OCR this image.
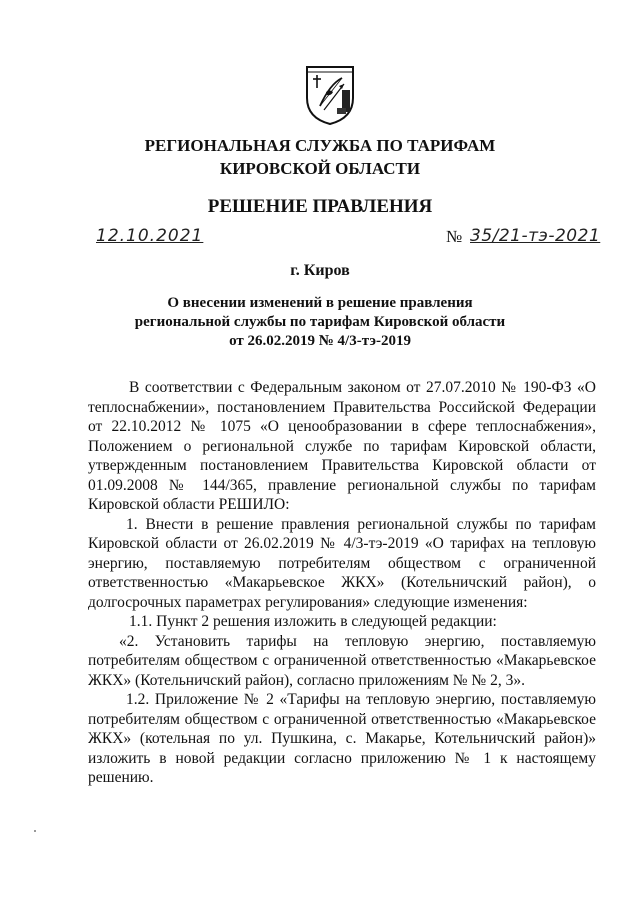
РЕГИОНАЛЬНАЯ СЛУЖБА ПО ТАРИФАМ
КИРОВСКОЙ ОБЛАСТИ
РЕШЕНИЕ ПРАВЛЕНИЯ
12.10.2021	№ 35/21-тэ-2021
г. Киров
О внесении изменений в решение правления
региональной службы по тарифам Кировской области
от 26.02.2019 № 4/3-тэ-2019

В соответствии с Федеральным законом от 27.07.2010 № 190-ФЗ «О теплоснабжении», постановлением Правительства Российской Федерации от 22.10.2012 № 1075 «О ценообразовании в сфере теплоснабжения», Положением о региональной службе по тарифам Кировской области, утвержденным постановлением Правительства Кировской области от 01.09.2008 № 144/365, правление региональной службы по тарифам Кировской области РЕШИЛО:

1. Внести в решение правления региональной службы по тарифам Кировской области от 26.02.2019 № 4/3-тэ-2019 «О тарифах на тепловую энергию, поставляемую потребителям обществом с ограниченной ответственностью «Макарьевское ЖКХ» (Котельничский район), о долгосрочных параметрах регулирования» следующие изменения:

1.1. Пункт 2 решения изложить в следующей редакции:

«2. Установить тарифы на тепловую энергию, поставляемую потребителям обществом с ограниченной ответственностью «Макарьевское ЖКХ» (Котельничский район), согласно приложениям № № 2, 3».

1.2. Приложение № 2 «Тарифы на тепловую энергию, поставляемую потребителям обществом с ограниченной ответственностью «Макарьевское ЖКХ» (котельная по ул. Пушкина, с. Макарье, Котельничский район)» изложить в новой редакции согласно приложению № 1 к настоящему решению.
